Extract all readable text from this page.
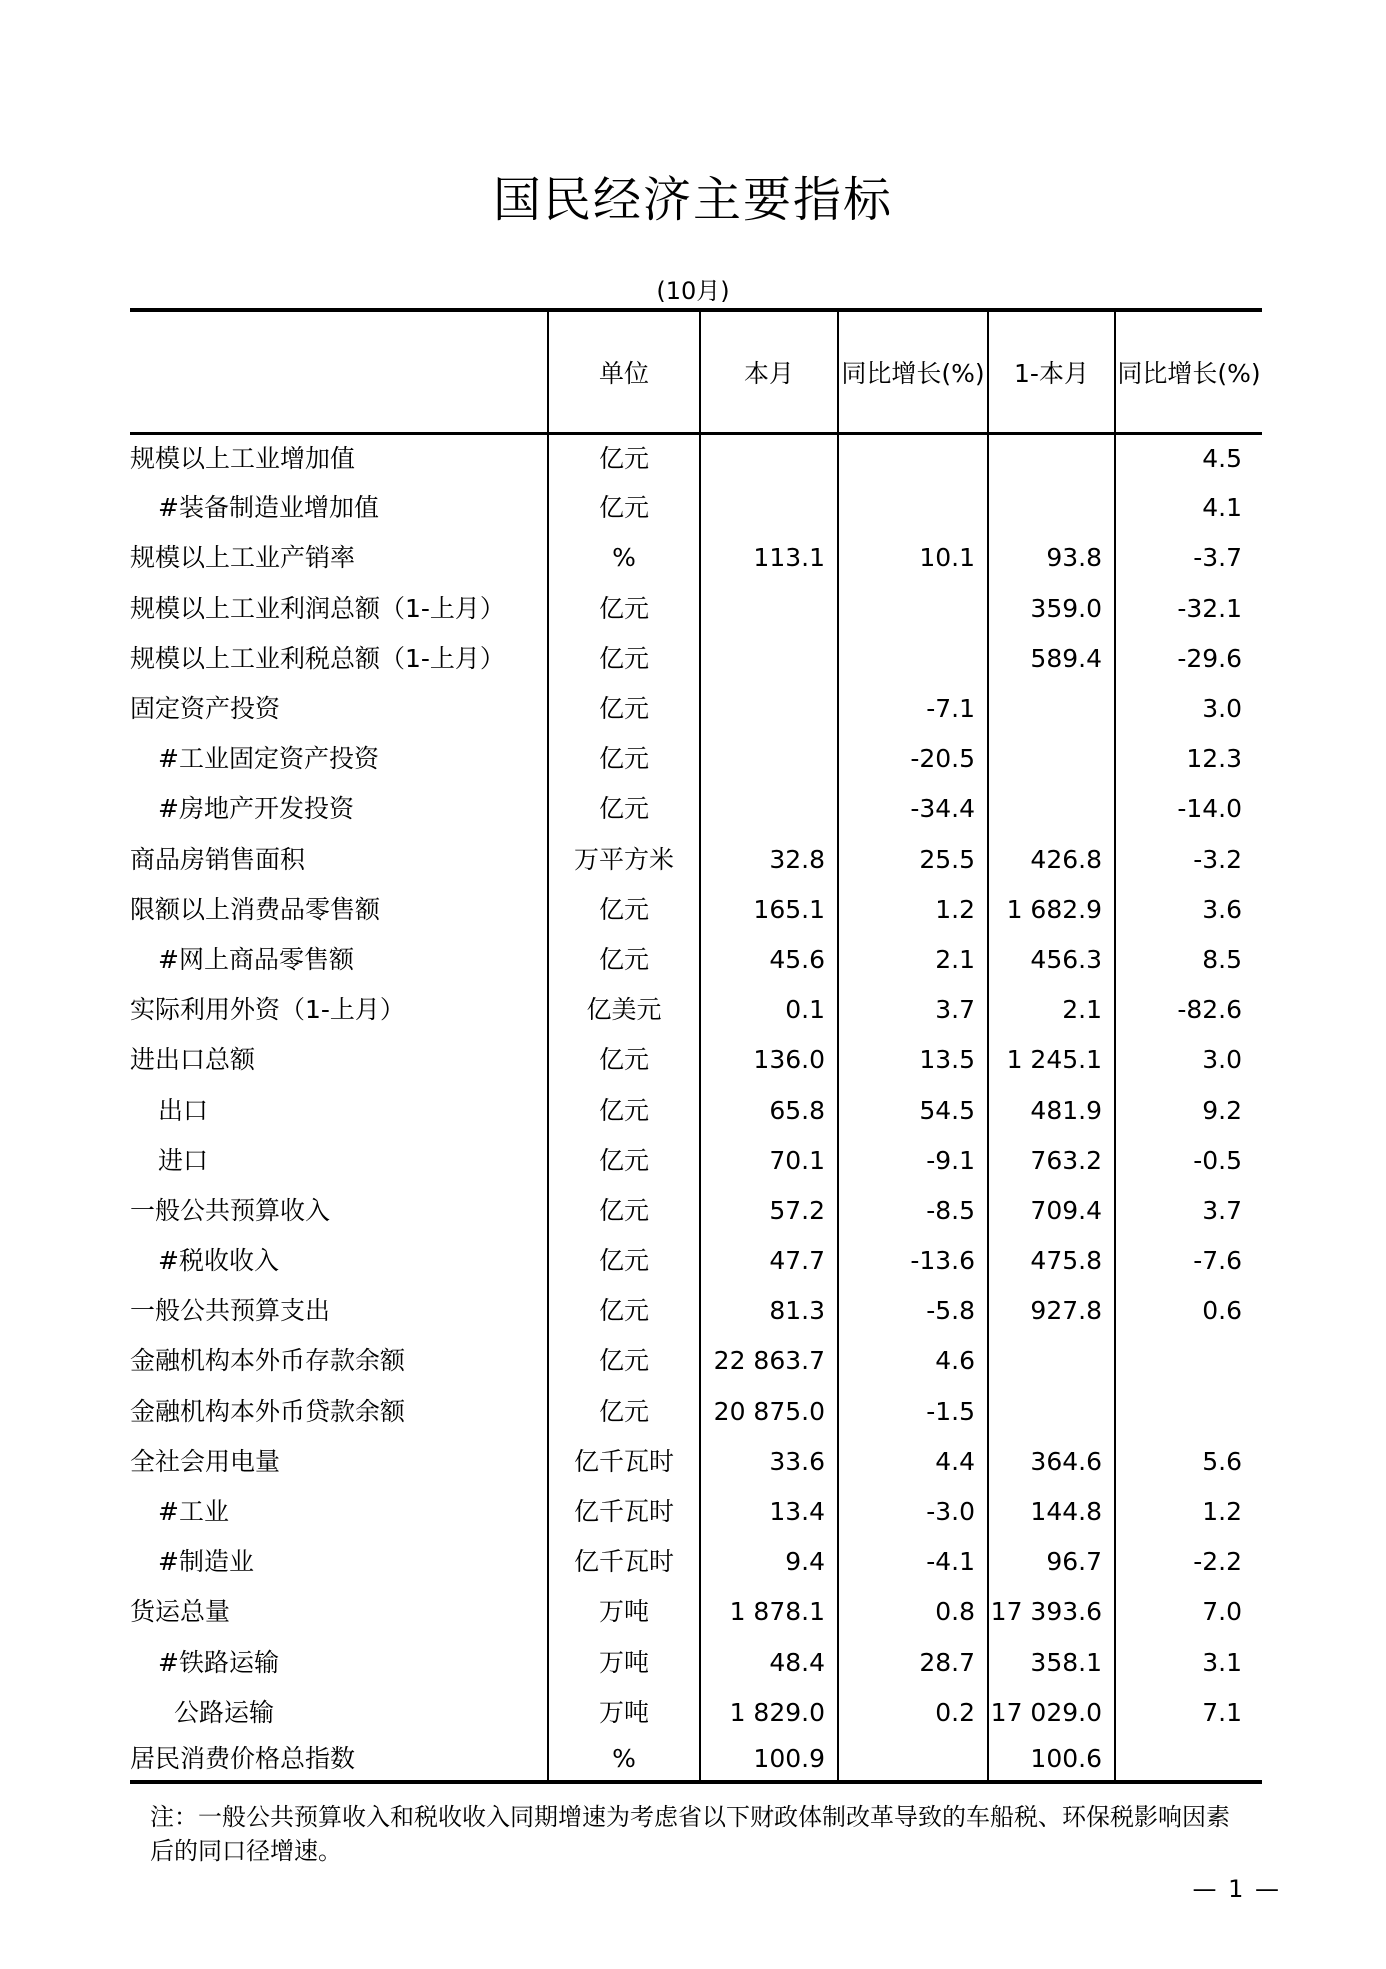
国民经济主要指标
(10月)
	单位	本月	同比增长(%)	1-本月	同比增长(%)
规模以上工业增加值	亿元				4.5
#装备制造业增加值	亿元				4.1
规模以上工业产销率	%	113.1	10.1	93.8	-3.7
规模以上工业利润总额（1-上月）	亿元			359.0	-32.1
规模以上工业利税总额（1-上月）	亿元			589.4	-29.6
固定资产投资	亿元		-7.1		3.0
#工业固定资产投资	亿元		-20.5		12.3
#房地产开发投资	亿元		-34.4		-14.0
商品房销售面积	万平方米	32.8	25.5	426.8	-3.2
限额以上消费品零售额	亿元	165.1	1.2	1 682.9	3.6
#网上商品零售额	亿元	45.6	2.1	456.3	8.5
实际利用外资（1-上月）	亿美元	0.1	3.7	2.1	-82.6
进出口总额	亿元	136.0	13.5	1 245.1	3.0
出口	亿元	65.8	54.5	481.9	9.2
进口	亿元	70.1	-9.1	763.2	-0.5
一般公共预算收入	亿元	57.2	-8.5	709.4	3.7
#税收收入	亿元	47.7	-13.6	475.8	-7.6
一般公共预算支出	亿元	81.3	-5.8	927.8	0.6
金融机构本外币存款余额	亿元	22 863.7	4.6		
金融机构本外币贷款余额	亿元	20 875.0	-1.5		
全社会用电量	亿千瓦时	33.6	4.4	364.6	5.6
#工业	亿千瓦时	13.4	-3.0	144.8	1.2
#制造业	亿千瓦时	9.4	-4.1	96.7	-2.2
货运总量	万吨	1 878.1	0.8	17 393.6	7.0
#铁路运输	万吨	48.4	28.7	358.1	3.1
公路运输	万吨	1 829.0	0.2	17 029.0	7.1
居民消费价格总指数	%	100.9		100.6	
注：一般公共预算收入和税收收入同期增速为考虑省以下财政体制改革导致的车船税、环保税影响因素后的同口径增速。
— 1 —
